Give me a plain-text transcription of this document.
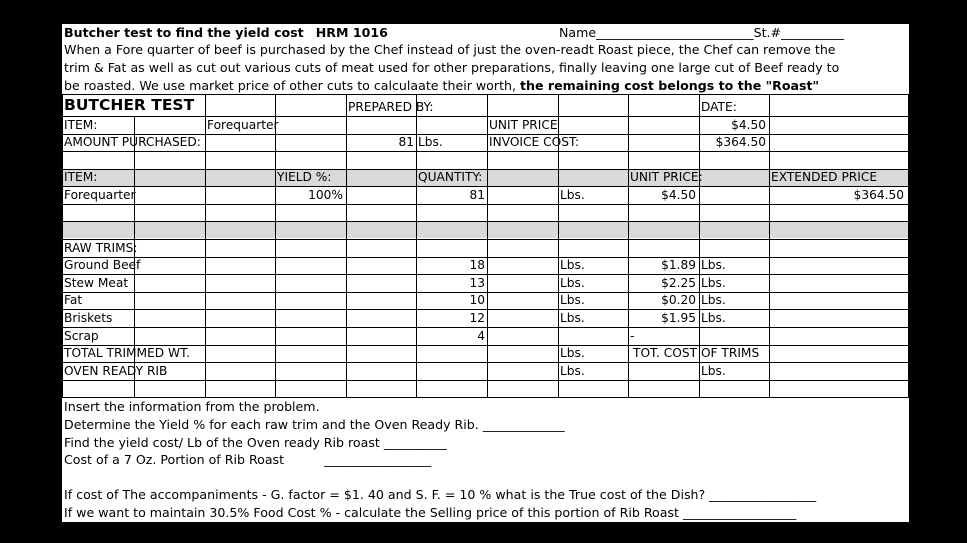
Butcher test to find the yield cost HRM 1016	Name_________________________St.#__________
When a Fore quarter of beef is purchased by the Chef instead of just the oven-readt Roast piece, the Chef can remove the
trim & Fat as well as cut out various cuts of meat used for other preparations, finally leaving one large cut of Beef ready to
be roasted. We use market price of other cuts to calculaate their worth, the remaining cost belongs to the "Roast"
BUTCHER TEST	PREPARED BY:	DATE:
ITEM:	Forequarter	UNIT PRICE	$4.50
AMOUNT PURCHASED:	81 Lbs.	INVOICE COST:	$364.50
ITEM:	YIELD %:	QUANTITY:	UNIT PRICE:	EXTENDED PRICE
Forequarter	100%	81	Lbs.	$4.50	$364.50
RAW TRIMS:
Ground Beef	18	Lbs.	$1.89 Lbs.
Stew Meat	13	Lbs.	$2.25 Lbs.
Fat	10	Lbs.	$0.20 Lbs.
Briskets	12	Lbs.	$1.95 Lbs.
Scrap	4	-
TOTAL TRIMMED WT.	Lbs.	TOT. COST OF TRIMS
OVEN READY RIB	Lbs.	Lbs.
Insert the information from the problem.
Determine the Yield % for each raw trim and the Oven Ready Rib. _____________
Find the yield cost/ Lb of the Oven ready Rib roast __________
Cost of a 7 Oz. Portion of Rib Roast          _________________
If cost of The accompaniments - G. factor = $1. 40 and S. F. = 10 % what is the True cost of the Dish? _________________
If we want to maintain 30.5% Food Cost % - calculate the Selling price of this portion of Rib Roast __________________
